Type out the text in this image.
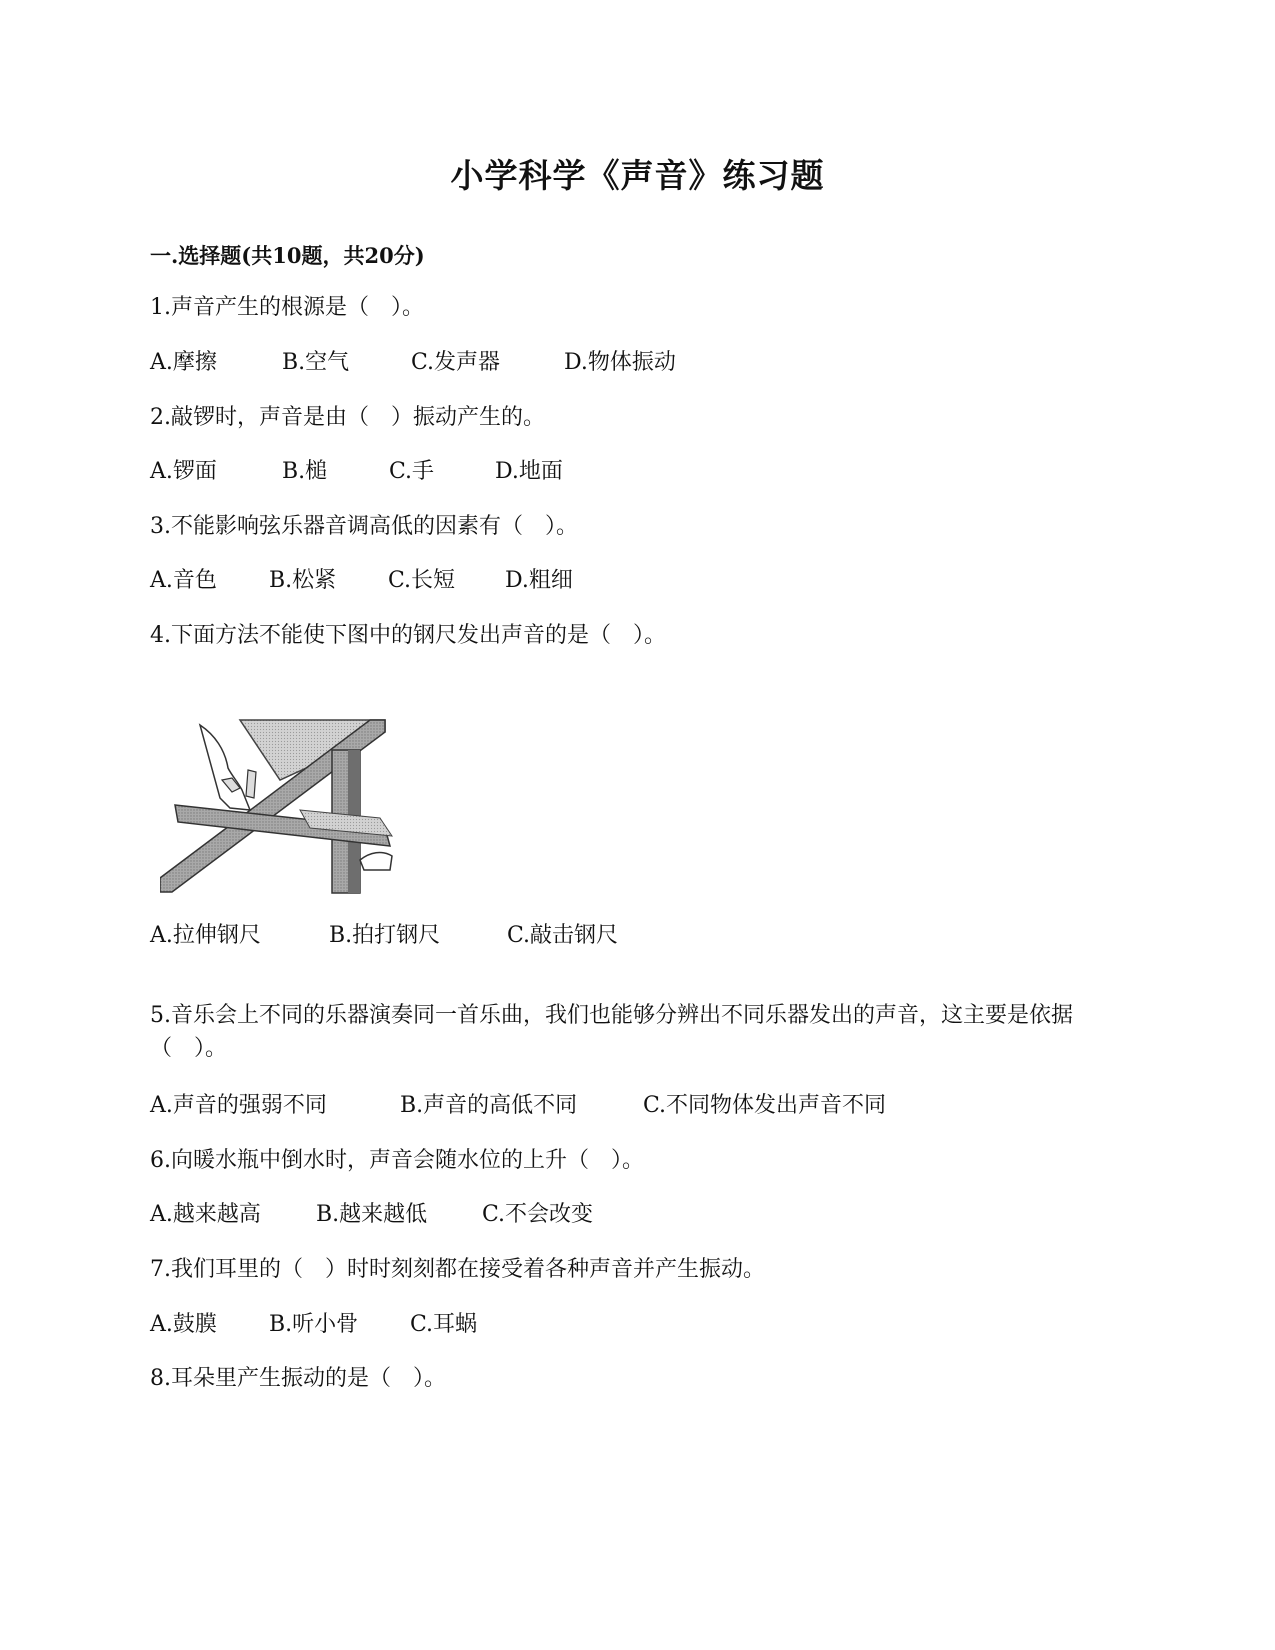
小学科学《声音》练习题
一.选择题(共10题，共20分)
1.声音产生的根源是（　）。
A.摩擦	B.空气	C.发声器	D.物体振动
2.敲锣时，声音是由（　）振动产生的。
A.锣面	B.槌	C.手	D.地面
3.不能影响弦乐器音调高低的因素有（　）。
A.音色 B.松紧 C.长短 D.粗细
4.下面方法不能使下图中的钢尺发出声音的是（　）。
A.拉伸钢尺	B.拍打钢尺	C.敲击钢尺
5.音乐会上不同的乐器演奏同一首乐曲，我们也能够分辨出不同乐器发出的声音，这主要是依据（　）。
A.声音的强弱不同	B.声音的高低不同	C.不同物体发出声音不同
6.向暖水瓶中倒水时，声音会随水位的上升（　）。
A.越来越高	B.越来越低 C.不会改变
7.我们耳里的（　）时时刻刻都在接受着各种声音并产生振动。
A.鼓膜 B.听小骨 C.耳蜗
8.耳朵里产生振动的是（　）。
